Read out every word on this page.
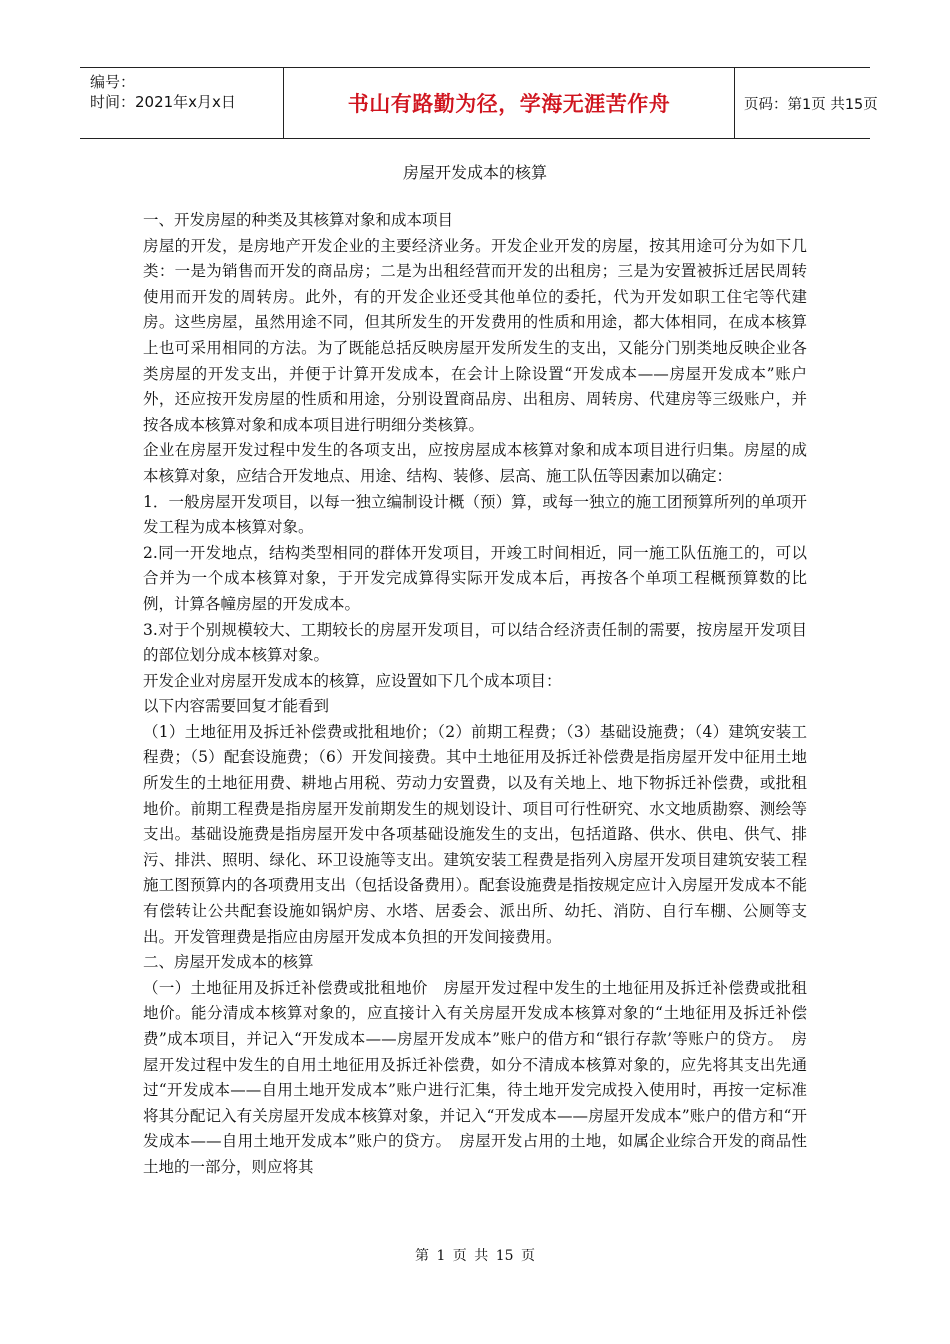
编号：
时间：2021年x月x日	书山有路勤为径，学海无涯苦作舟	页码：第1页 共15页
房屋开发成本的核算

一、开发房屋的种类及其核算对象和成本项目

房屋的开发，是房地产开发企业的主要经济业务。开发企业开发的房屋，按其用途可分为如下几类：一是为销售而开发的商品房；二是为出租经营而开发的出租房；三是为安置被拆迁居民周转使用而开发的周转房。此外，有的开发企业还受其他单位的委托，代为开发如职工住宅等代建房。这些房屋，虽然用途不同，但其所发生的开发费用的性质和用途，都大体相同，在成本核算上也可采用相同的方法。为了既能总括反映房屋开发所发生的支出，又能分门别类地反映企业各类房屋的开发支出，并便于计算开发成本，在会计上除设置“开发成本——房屋开发成本”账户外，还应按开发房屋的性质和用途，分别设置商品房、出租房、周转房、代建房等三级账户，并按各成本核算对象和成本项目进行明细分类核算。

企业在房屋开发过程中发生的各项支出，应按房屋成本核算对象和成本项目进行归集。房屋的成本核算对象，应结合开发地点、用途、结构、装修、层高、施工队伍等因素加以确定：

1．一般房屋开发项目，以每一独立编制设计概（预）算，或每一独立的施工团预算所列的单项开发工程为成本核算对象。

2.同一开发地点，结构类型相同的群体开发项目，开竣工时间相近，同一施工队伍施工的，可以合并为一个成本核算对象，于开发完成算得实际开发成本后，再按各个单项工程概预算数的比例，计算各幢房屋的开发成本。

3.对于个别规模较大、工期较长的房屋开发项目，可以结合经济责任制的需要，按房屋开发项目的部位划分成本核算对象。

开发企业对房屋开发成本的核算，应设置如下几个成本项目：

以下内容需要回复才能看到

（1）土地征用及拆迁补偿费或批租地价；（2）前期工程费；（3）基础设施费；（4）建筑安装工程费；（5）配套设施费；（6）开发间接费。其中土地征用及拆迁补偿费是指房屋开发中征用土地所发生的土地征用费、耕地占用税、劳动力安置费，以及有关地上、地下物拆迁补偿费，或批租地价。前期工程费是指房屋开发前期发生的规划设计、项目可行性研究、水文地质勘察、测绘等支出。基础设施费是指房屋开发中各项基础设施发生的支出，包括道路、供水、供电、供气、排污、排洪、照明、绿化、环卫设施等支出。建筑安装工程费是指列入房屋开发项目建筑安装工程施工图预算内的各项费用支出（包括设备费用）。配套设施费是指按规定应计入房屋开发成本不能有偿转让公共配套设施如锅炉房、水塔、居委会、派出所、幼托、消防、自行车棚、公厕等支出。开发管理费是指应由房屋开发成本负担的开发间接费用。

二、房屋开发成本的核算

（一）土地征用及拆迁补偿费或批租地价　房屋开发过程中发生的土地征用及拆迁补偿费或批租地价。能分清成本核算对象的，应直接计入有关房屋开发成本核算对象的“土地征用及拆迁补偿费”成本项目，并记入“开发成本——房屋开发成本”账户的借方和“银行存款’等账户的贷方。　房屋开发过程中发生的自用土地征用及拆迁补偿费，如分不清成本核算对象的，应先将其支出先通过“开发成本——自用土地开发成本”账户进行汇集，待土地开发完成投入使用时，再按一定标准将其分配记入有关房屋开发成本核算对象，并记入“开发成本——房屋开发成本”账户的借方和“开发成本——自用土地开发成本”账户的贷方。　房屋开发占用的土地，如属企业综合开发的商品性土地的一部分，则应将其

第 1 页 共 15 页
